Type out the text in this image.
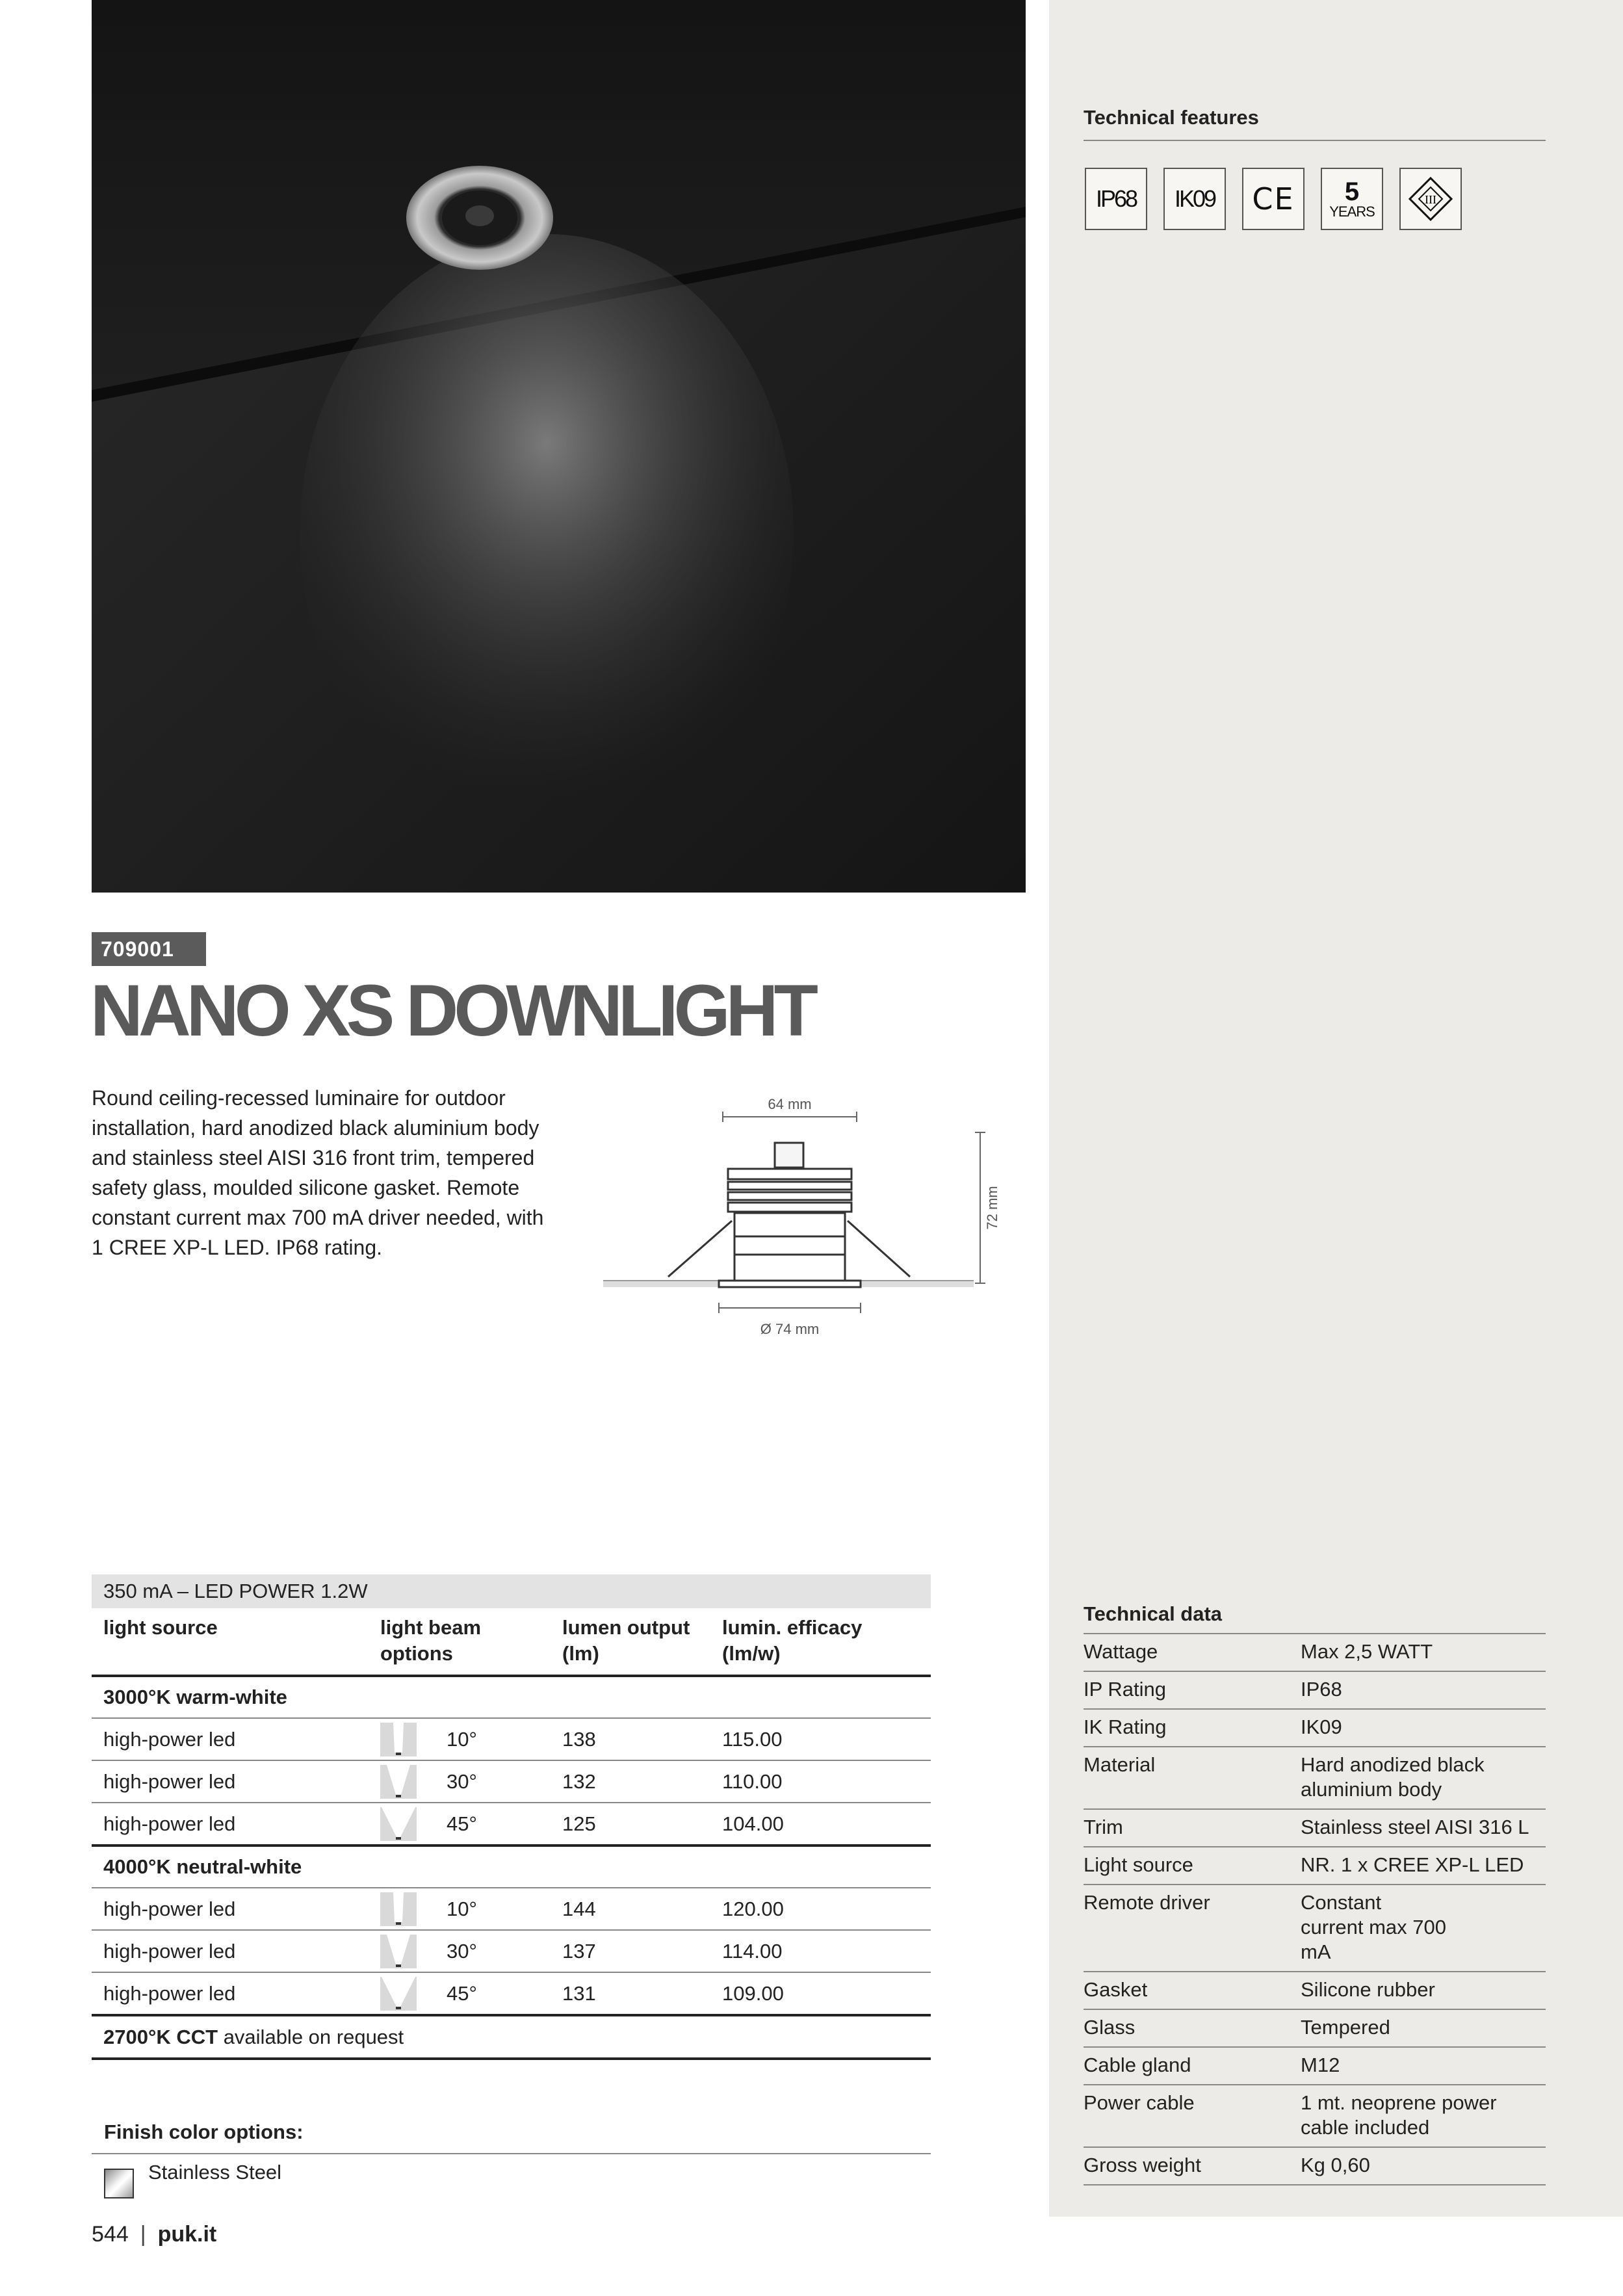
709001
NANO XS DOWNLIGHT
Round ceiling-recessed luminaire for outdoor installation, hard anodized black aluminium body and stainless steel AISI 316 front trim, tempered safety glass, moulded silicone gasket. Remote constant current max 700 mA driver needed, with 1 CREE XP-L LED. IP68 rating.
64 mm
72 mm
Ø 74 mm
Technical features
IP68 IK09 CE 5
YEARS
III
Technical data
Wattage	Max 2,5 WATT
IP Rating	IP68
IK Rating	IK09
Material	Hard anodized black aluminium body
Trim	Stainless steel AISI 316 L
Light source	NR. 1 x CREE XP-L LED
Remote driver	Constant current max 700 mA
Gasket	Silicone rubber
Glass	Tempered
Cable gland	M12
Power cable	1 mt. neoprene power cable included
Gross weight	Kg 0,60
350 mA – LED POWER 1.2W			
light source	light beam options	lumen output (lm)	lumin. efficacy (lm/w)
3000°K warm-white			
high-power led	10°	138	115.00
high-power led	30°	132	110.00
high-power led	45°	125	104.00
4000°K neutral-white			
high-power led	10°	144	120.00
high-power led	30°	137	114.00
high-power led	45°	131	109.00
2700°K CCT available on request			
Finish color options:
Stainless Steel
544 | puk.it
